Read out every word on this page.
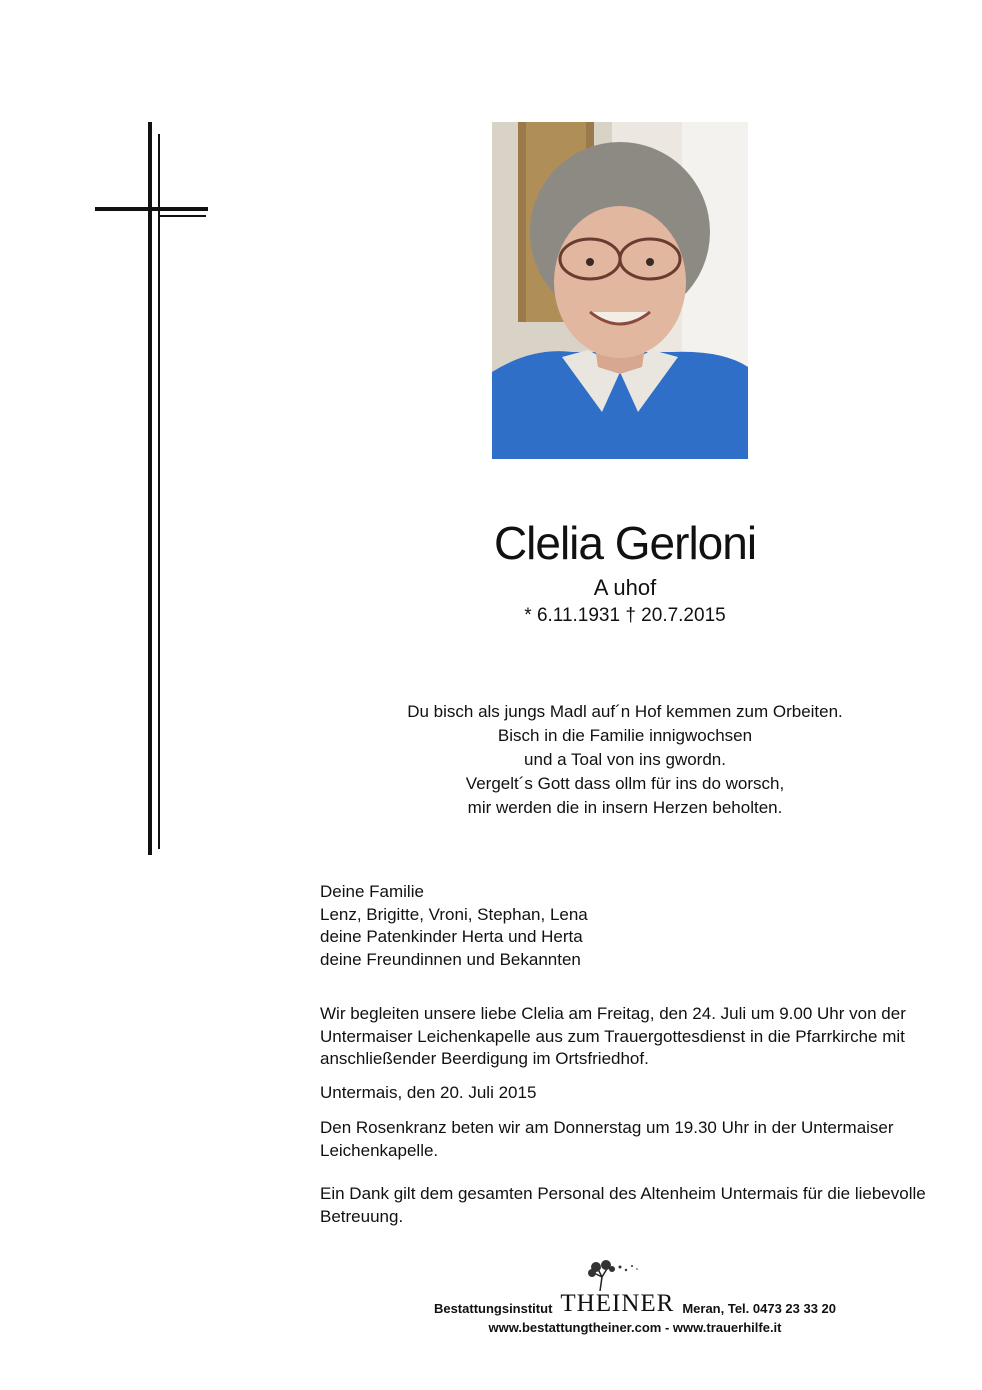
Clelia Gerloni
A uhof
* 6.11.1931 † 20.7.2015
Du bisch als jungs Madl auf´n Hof kemmen zum Orbeiten.
Bisch in die Familie innigwochsen
und a Toal von ins gwordn.
Vergelt´s Gott dass ollm für ins do worsch,
mir werden die in insern Herzen beholten.
Deine Familie
Lenz, Brigitte, Vroni, Stephan, Lena
deine Patenkinder Herta und Herta
deine Freundinnen und Bekannten
Wir begleiten unsere liebe Clelia am Freitag, den 24. Juli um 9.00 Uhr von der Untermaiser Leichenkapelle aus zum Trauergottesdienst in die Pfarrkirche mit anschließender Beerdigung im Ortsfriedhof.
Untermais, den 20. Juli 2015
Den Rosenkranz beten wir am Donnerstag um 19.30 Uhr in der Untermaiser Leichenkapelle.
Ein Dank gilt dem gesamten Personal des Altenheim Untermais für die liebevolle Betreuung.
Bestattungsinstitut THEINER Meran, Tel. 0473 23 33 20
www.bestattungtheiner.com - www.trauerhilfe.it
